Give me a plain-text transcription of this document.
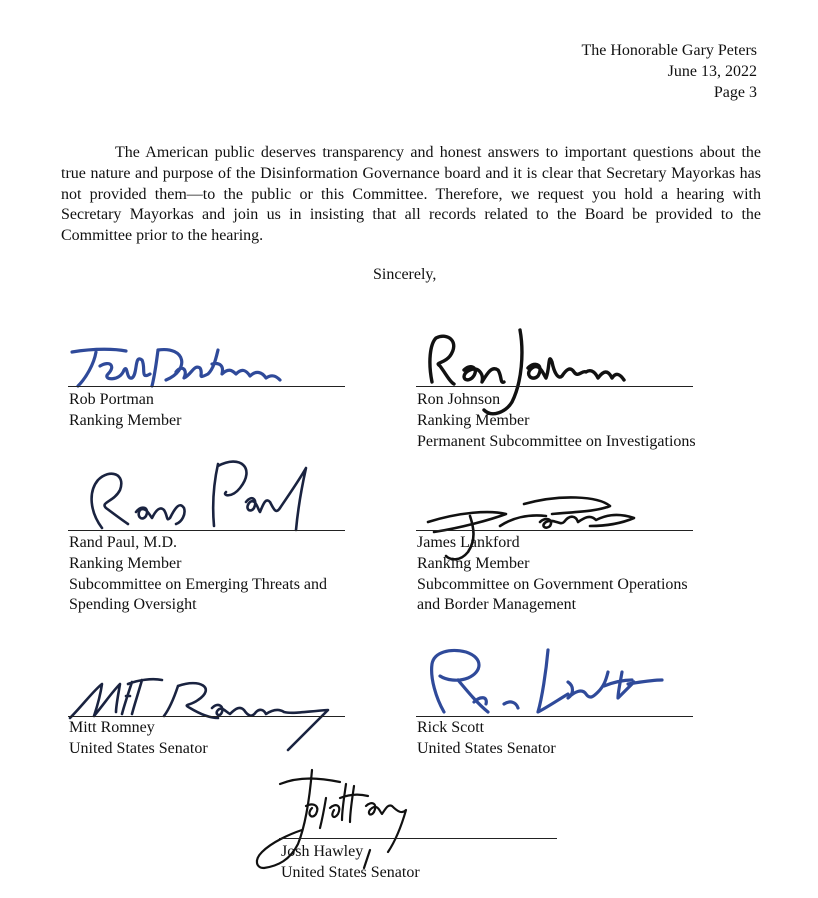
The Honorable Gary Peters
June 13, 2022
Page 3
The American public deserves transparency and honest answers to important questions about the true nature and purpose of the Disinformation Governance board and it is clear that Secretary Mayorkas has not provided them—to the public or this Committee. Therefore, we request you hold a hearing with Secretary Mayorkas and join us in insisting that all records related to the Board be provided to the Committee prior to the hearing.
Sincerely,
Rob Portman
Ranking Member
Ron Johnson
Ranking Member
Permanent Subcommittee on Investigations
Rand Paul, M.D.
Ranking Member
Subcommittee on Emerging Threats and
Spending Oversight
James Lankford
Ranking Member
Subcommittee on Government Operations
and Border Management
Mitt Romney
United States Senator
Rick Scott
United States Senator
Josh Hawley
United States Senator
